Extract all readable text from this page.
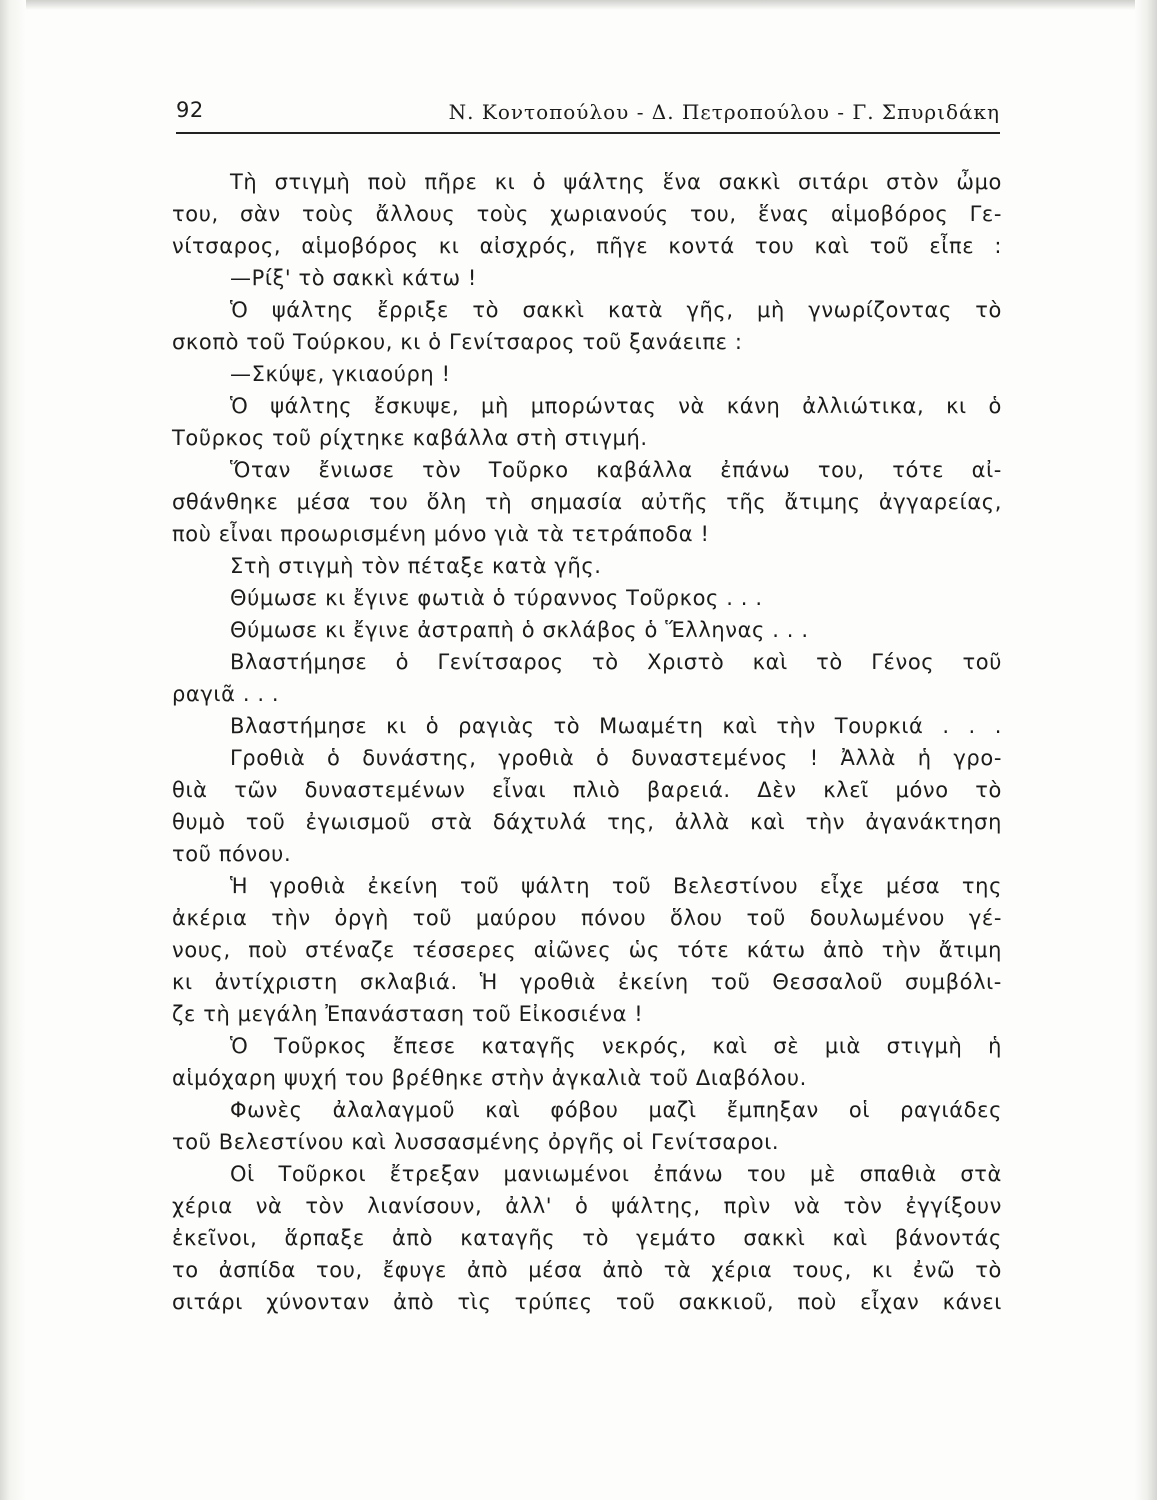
92	Ν. Κοντοπούλου - Δ. Πετροπούλου - Γ. Σπυριδάκη
Τὴ στιγμὴ ποὺ πῆρε κι ὁ ψάλτης ἕνα σακκὶ σιτάρι στὸν ὦμο
του, σὰν τοὺς ἄλλους τοὺς χωριανούς του, ἕνας αἱμοβόρος Γε-
νίτσαρος, αἱμοβόρος κι αἰσχρός, πῆγε κοντά του καὶ τοῦ εἶπε :
—Ρίξ' τὸ σακκὶ κάτω !
Ὁ ψάλτης ἔρριξε τὸ σακκὶ κατὰ γῆς, μὴ γνωρίζοντας τὸ
σκοπὸ τοῦ Τούρκου, κι ὁ Γενίτσαρος τοῦ ξανάειπε :
—Σκύψε, γκιαούρη !
Ὁ ψάλτης ἔσκυψε, μὴ μπορώντας νὰ κάνη ἀλλιώτικα, κι ὁ
Τοῦρκος τοῦ ρίχτηκε καβάλλα στὴ στιγμή.
Ὅταν ἔνιωσε τὸν Τοῦρκο καβάλλα ἐπάνω του, τότε αἰ-
σθάνθηκε μέσα του ὅλη τὴ σημασία αὐτῆς τῆς ἄτιμης ἀγγαρείας,
ποὺ εἶναι προωρισμένη μόνο γιὰ τὰ τετράποδα !
Στὴ στιγμὴ τὸν πέταξε κατὰ γῆς.
Θύμωσε κι ἔγινε φωτιὰ ὁ τύραννος Τοῦρκος . . .
Θύμωσε κι ἔγινε ἀστραπὴ ὁ σκλάβος ὁ Ἕλληνας . . .
Βλαστήμησε ὁ Γενίτσαρος τὸ Χριστὸ καὶ τὸ Γένος τοῦ
ραγιᾶ . . .
Βλαστήμησε κι ὁ ραγιὰς τὸ Μωαμέτη καὶ τὴν Τουρκιά . . .
Γροθιὰ ὁ δυνάστης, γροθιὰ ὁ δυναστεμένος ! Ἀλλὰ ἡ γρο-
θιὰ τῶν δυναστεμένων εἶναι πλιὸ βαρειά. Δὲν κλεῖ μόνο τὸ
θυμὸ τοῦ ἐγωισμοῦ στὰ δάχτυλά της, ἀλλὰ καὶ τὴν ἀγανάκτηση
τοῦ πόνου.
Ἡ γροθιὰ ἐκείνη τοῦ ψάλτη τοῦ Βελεστίνου εἶχε μέσα της
ἀκέρια τὴν ὀργὴ τοῦ μαύρου πόνου ὅλου τοῦ δουλωμένου γέ-
νους, ποὺ στέναζε τέσσερες αἰῶνες ὡς τότε κάτω ἀπὸ τὴν ἄτιμη
κι ἀντίχριστη σκλαβιά. Ἡ γροθιὰ ἐκείνη τοῦ Θεσσαλοῦ συμβόλι-
ζε τὴ μεγάλη Ἐπανάσταση τοῦ Εἰκοσιένα !
Ὁ Τοῦρκος ἔπεσε καταγῆς νεκρός, καὶ σὲ μιὰ στιγμὴ ἡ
αἱμόχαρη ψυχή του βρέθηκε στὴν ἀγκαλιὰ τοῦ Διαβόλου.
Φωνὲς ἀλαλαγμοῦ καὶ φόβου μαζὶ ἔμπηξαν οἱ ραγιάδες
τοῦ Βελεστίνου καὶ λυσσασμένης ὀργῆς οἱ Γενίτσαροι.
Οἱ Τοῦρκοι ἔτρεξαν μανιωμένοι ἐπάνω του μὲ σπαθιὰ στὰ
χέρια νὰ τὸν λιανίσουν, ἀλλ' ὁ ψάλτης, πρὶν νὰ τὸν ἐγγίξουν
ἐκεῖνοι, ἅρπαξε ἀπὸ καταγῆς τὸ γεμάτο σακκὶ καὶ βάνοντάς
το ἀσπίδα του, ἔφυγε ἀπὸ μέσα ἀπὸ τὰ χέρια τους, κι ἐνῶ τὸ
σιτάρι χύνονταν ἀπὸ τὶς τρύπες τοῦ σακκιοῦ, ποὺ εἶχαν κάνει
